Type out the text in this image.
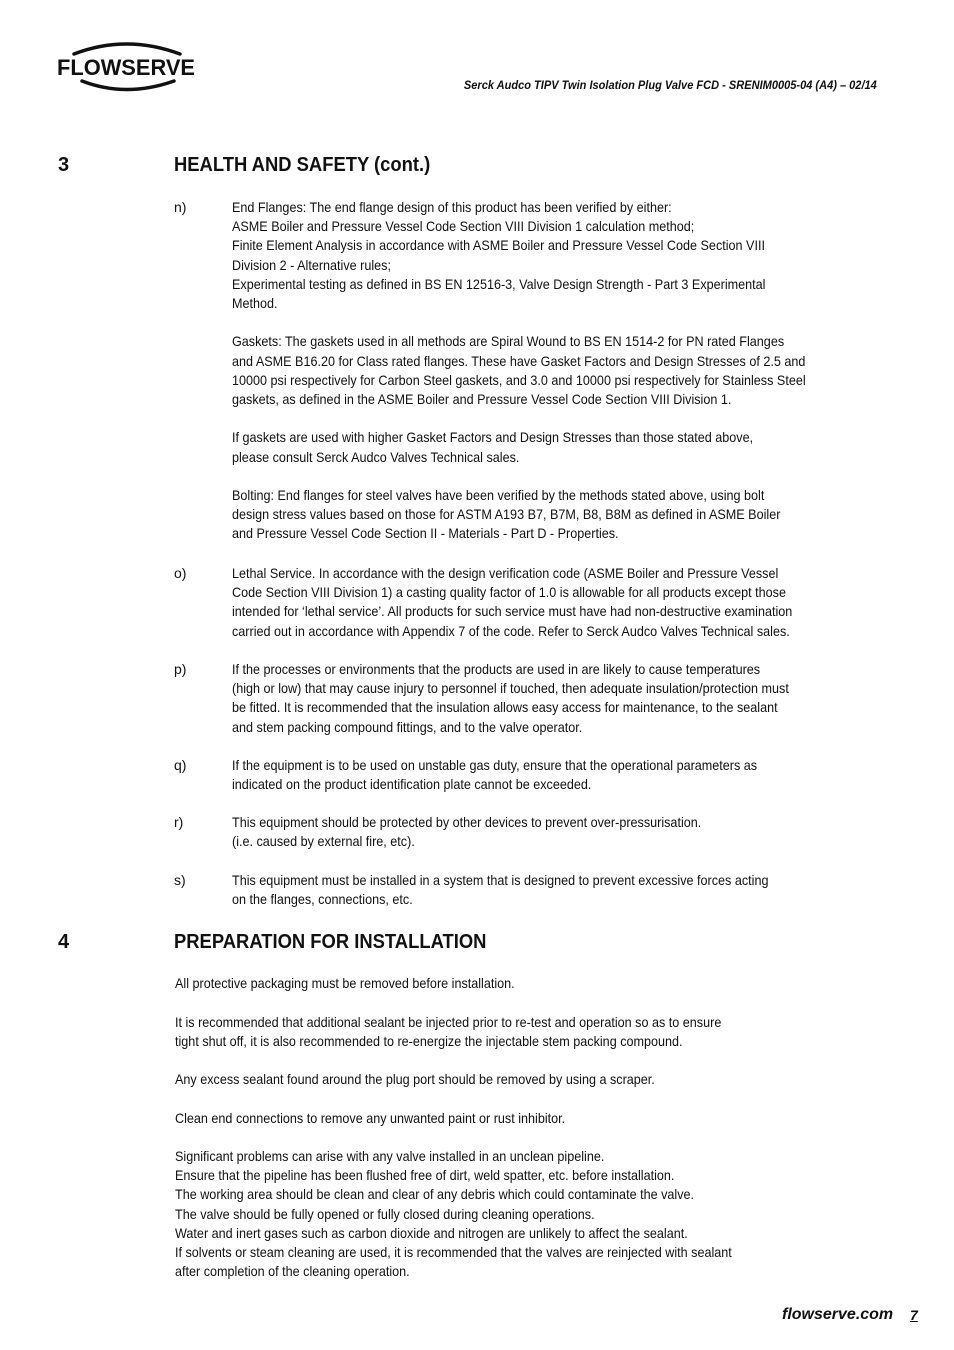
FLOWSERVE
Serck Audco TIPV Twin Isolation Plug Valve FCD - SRENIM0005-04 (A4) – 02/14
3	HEALTH AND SAFETY (cont.)
n)	End Flanges: The end flange design of this product has been verified by either:
ASME Boiler and Pressure Vessel Code Section VIII Division 1 calculation method;
Finite Element Analysis in accordance with ASME Boiler and Pressure Vessel Code Section VIII
Division 2 - Alternative rules;
Experimental testing as defined in BS EN 12516-3, Valve Design Strength - Part 3 Experimental
Method.
Gaskets: The gaskets used in all methods are Spiral Wound to BS EN 1514-2 for PN rated Flanges
and ASME B16.20 for Class rated flanges. These have Gasket Factors and Design Stresses of 2.5 and
10000 psi respectively for Carbon Steel gaskets, and 3.0 and 10000 psi respectively for Stainless Steel
gaskets, as defined in the ASME Boiler and Pressure Vessel Code Section VIII Division 1.
If gaskets are used with higher Gasket Factors and Design Stresses than those stated above,
please consult Serck Audco Valves Technical sales.
Bolting: End flanges for steel valves have been verified by the methods stated above, using bolt
design stress values based on those for ASTM A193 B7, B7M, B8, B8M as defined in ASME Boiler
and Pressure Vessel Code Section II - Materials - Part D - Properties.
o)	Lethal Service. In accordance with the design verification code (ASME Boiler and Pressure Vessel
Code Section VIII Division 1) a casting quality factor of 1.0 is allowable for all products except those
intended for ‘lethal service’. All products for such service must have had non-destructive examination
carried out in accordance with Appendix 7 of the code. Refer to Serck Audco Valves Technical sales.
p)	If the processes or environments that the products are used in are likely to cause temperatures
(high or low) that may cause injury to personnel if touched, then adequate insulation/protection must
be fitted. It is recommended that the insulation allows easy access for maintenance, to the sealant
and stem packing compound fittings, and to the valve operator.
q)	If the equipment is to be used on unstable gas duty, ensure that the operational parameters as
indicated on the product identification plate cannot be exceeded.
r)	This equipment should be protected by other devices to prevent over-pressurisation.
(i.e. caused by external fire, etc).
s)	This equipment must be installed in a system that is designed to prevent excessive forces acting
on the flanges, connections, etc.
4	PREPARATION FOR INSTALLATION
All protective packaging must be removed before installation.
It is recommended that additional sealant be injected prior to re-test and operation so as to ensure
tight shut off, it is also recommended to re-energize the injectable stem packing compound.
Any excess sealant found around the plug port should be removed by using a scraper.
Clean end connections to remove any unwanted paint or rust inhibitor.
Significant problems can arise with any valve installed in an unclean pipeline.
Ensure that the pipeline has been flushed free of dirt, weld spatter, etc. before installation.
The working area should be clean and clear of any debris which could contaminate the valve.
The valve should be fully opened or fully closed during cleaning operations.
Water and inert gases such as carbon dioxide and nitrogen are unlikely to affect the sealant.
If solvents or steam cleaning are used, it is recommended that the valves are reinjected with sealant
after completion of the cleaning operation.
flowserve.com 7
